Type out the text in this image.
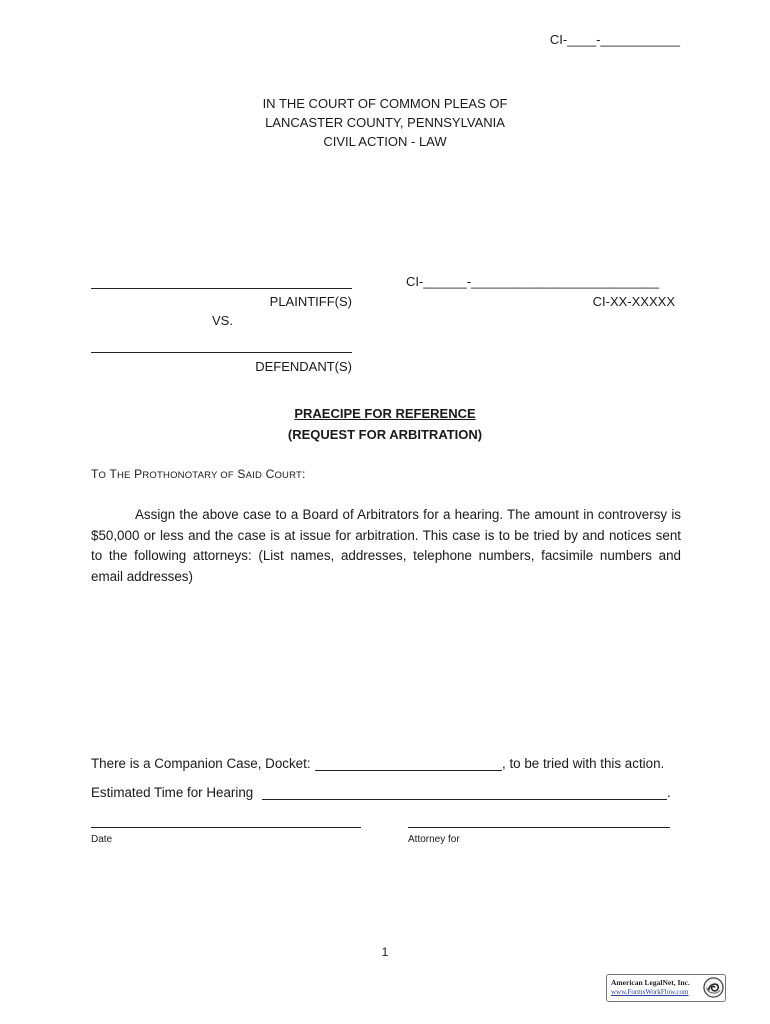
CI-____-___________
IN THE COURT OF COMMON PLEAS OF
LANCASTER COUNTY, PENNSYLVANIA
CIVIL ACTION - LAW
PLAINTIFF(S)
VS.
DEFENDANT(S)
CI-______-__________________________
CI-XX-XXXXX
PRAECIPE FOR REFERENCE
(REQUEST FOR ARBITRATION)
TO THE PROTHONOTARY OF SAID COURT:
Assign the above case to a Board of Arbitrators for a hearing. The amount in controversy is $50,000 or less and the case is at issue for arbitration. This case is to be tried by and notices sent to the following attorneys: (List names, addresses, telephone numbers, facsimile numbers and email addresses)
There is a Companion Case, Docket:	, to be tried with this action.
Estimated Time for Hearing	.
Date	Attorney for
1
American LegalNet, Inc.
www.FormsWorkFlow.com
